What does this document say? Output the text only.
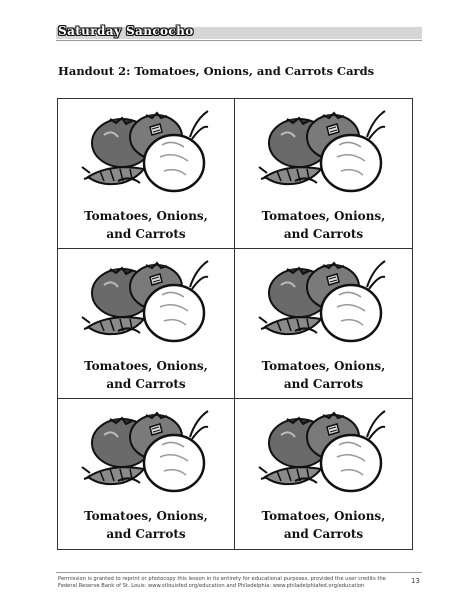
Saturday Sancocho
Handout 2: Tomatoes, Onions, and Carrots Cards
Tomatoes, Onions,
and Carrots
Tomatoes, Onions,
and Carrots
Tomatoes, Onions,
and Carrots
Tomatoes, Onions,
and Carrots
Tomatoes, Onions,
and Carrots
Tomatoes, Onions,
and Carrots
Permission is granted to reprint or photocopy this lesson in its entirety for educational purposes, provided the user credits the
Federal Reserve Bank of St. Louis: www.stlouisfed.org/education and Philadelphia: www.philadelphiafed.org/education
13
